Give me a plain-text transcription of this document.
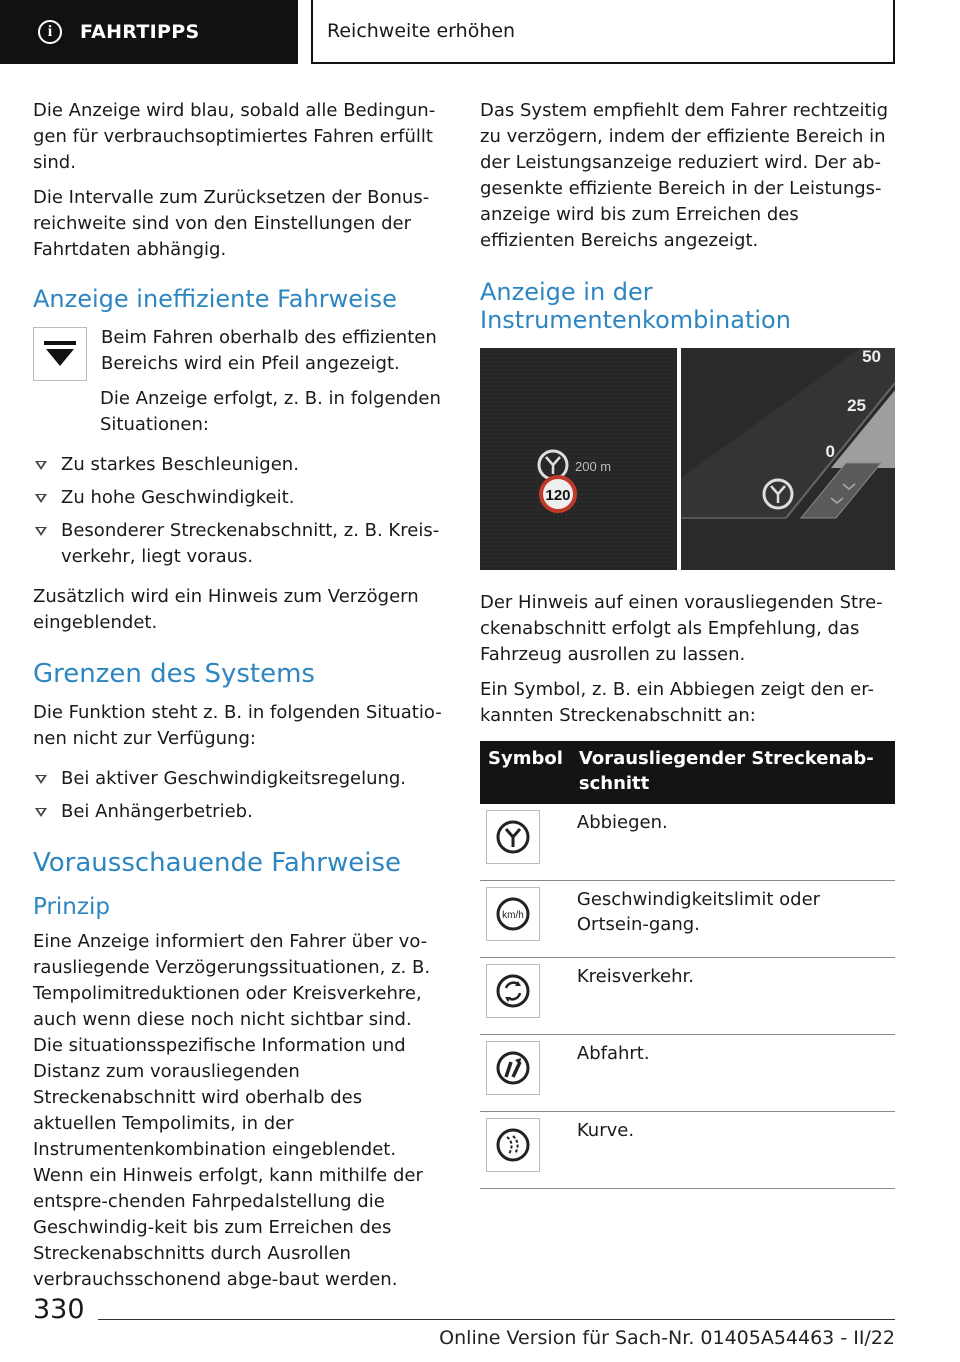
i	FAHRTIPPS	Reichweite erhöhen

Die Anzeige wird blau, sobald alle Bedingun-gen für verbrauchsoptimiertes Fahren erfüllt sind.

Die Intervalle zum Zurücksetzen der Bonus-reichweite sind von den Einstellungen der Fahrtdaten abhängig.

Anzeige ineffiziente Fahrweise

Beim Fahren oberhalb des effizienten Bereichs wird ein Pfeil angezeigt.

Die Anzeige erfolgt, z. B. in folgenden Situationen:

Zu starkes Beschleunigen.
Zu hohe Geschwindigkeit.
Besonderer Streckenabschnitt, z. B. Kreis-verkehr, liegt voraus.

Zusätzlich wird ein Hinweis zum Verzögern eingeblendet.

Grenzen des Systems

Die Funktion steht z. B. in folgenden Situatio-nen nicht zur Verfügung:

Bei aktiver Geschwindigkeitsregelung.
Bei Anhängerbetrieb.
Vorausschauende Fahrweise
Prinzip

Eine Anzeige informiert den Fahrer über vo-rausliegende Verzögerungssituationen, z. B. Tempolimitreduktionen oder Kreisverkehre, auch wenn diese noch nicht sichtbar sind. Die situationsspezifische Information und Distanz zum vorausliegenden Streckenabschnitt wird oberhalb des aktuellen Tempolimits, in der Instrumentenkombination eingeblendet. Wenn ein Hinweis erfolgt, kann mithilfe der entspre-chenden Fahrpedalstellung die Geschwindig-keit bis zum Erreichen des Streckenabschnitts durch Ausrollen verbrauchsschonend abge-baut werden.

Das System empfiehlt dem Fahrer rechtzeitig zu verzögern, indem der effiziente Bereich in der Leistungsanzeige reduziert wird. Der ab-gesenkte effiziente Bereich in der Leistungs-anzeige wird bis zum Erreichen des effizienten Bereichs angezeigt.

Anzeige in der Instrumentenkombination
200 m
120
50
25
0

Der Hinweis auf einen vorausliegenden Stre-ckenabschnitt erfolgt als Empfehlung, das Fahrzeug ausrollen zu lassen.

Ein Symbol, z. B. ein Abbiegen zeigt den er-kannten Streckenabschnitt an:

Symbol	Vorausliegender Streckenab-schnitt

	Abbiegen.

km/h	Geschwindigkeitslimit oder Ortsein-gang.

	Kreisverkehr.

	Abfahrt.

	Kurve.
330
Online Version für Sach-Nr. 01405A54463 - II/22
